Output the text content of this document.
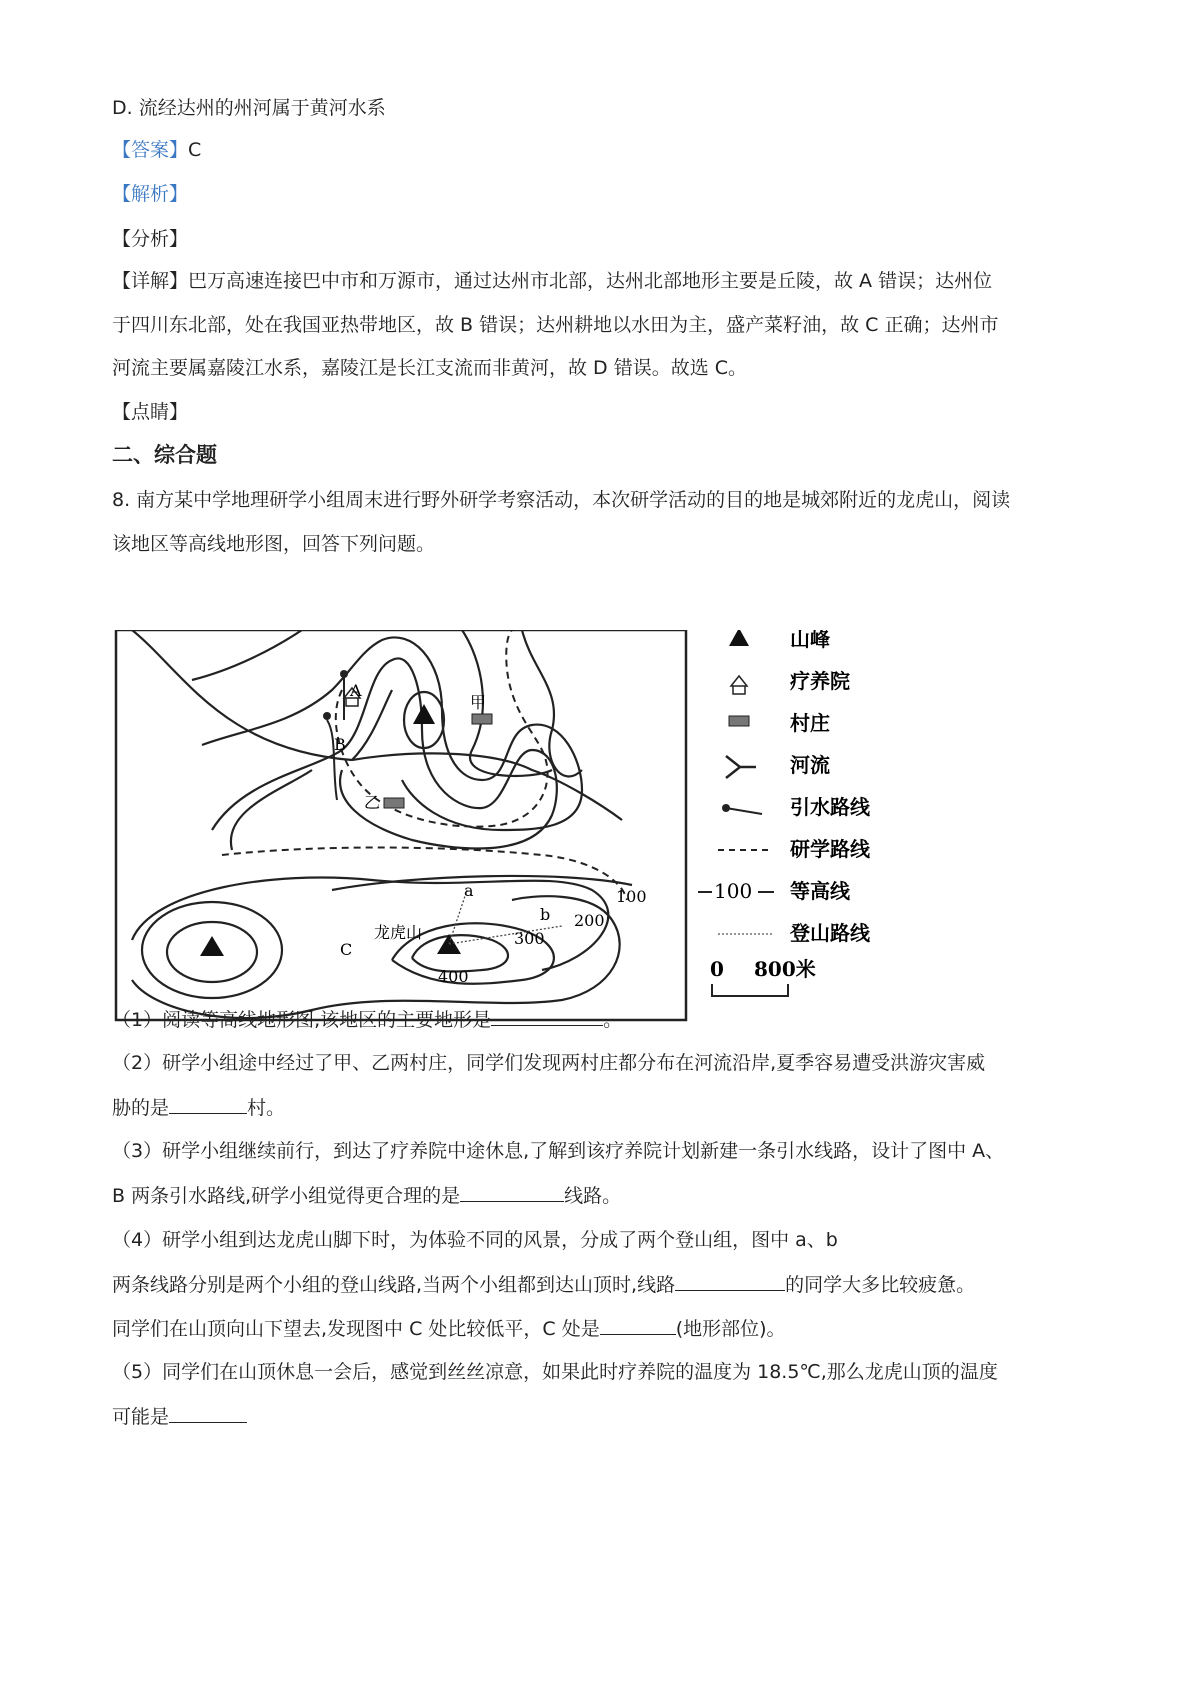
D. 流经达州的州河属于黄河水系
【答案】C
【解析】
【分析】
【详解】巴万高速连接巴中市和万源市，通过达州市北部，达州北部地形主要是丘陵，故 A 错误；达州位
于四川东北部，处在我国亚热带地区，故 B 错误；达州耕地以水田为主，盛产菜籽油，故 C 正确；达州市
河流主要属嘉陵江水系，嘉陵江是长江支流而非黄河，故 D 错误。故选 C。
【点睛】
二、综合题
8. 南方某中学地理研学小组周末进行野外研学考察活动，本次研学活动的目的地是城郊附近的龙虎山，阅读
该地区等高线地形图，回答下列问题。
A
B
甲
乙
a
b
C
龙虎山
100
200
300
400
山峰
疗养院
村庄
河流
引水路线
研学路线
100 等高线
登山路线
0 800米
（1）阅读等高线地形图,该地区的主要地形是	。
（2）研学小组途中经过了甲、乙两村庄，同学们发现两村庄都分布在河流沿岸,夏季容易遭受洪游灾害威
胁的是	村。
（3）研学小组继续前行，到达了疗养院中途休息,了解到该疗养院计划新建一条引水线路，设计了图中 A、
B 两条引水路线,研学小组觉得更合理的是	线路。
（4）研学小组到达龙虎山脚下时，为体验不同的风景，分成了两个登山组，图中 a、b
两条线路分别是两个小组的登山线路,当两个小组都到达山顶时,线路	的同学大多比较疲惫。
同学们在山顶向山下望去,发现图中 C 处比较低平，C 处是	(地形部位)。
（5）同学们在山顶休息一会后，感觉到丝丝凉意，如果此时疗养院的温度为 18.5℃,那么龙虎山顶的温度
可能是
